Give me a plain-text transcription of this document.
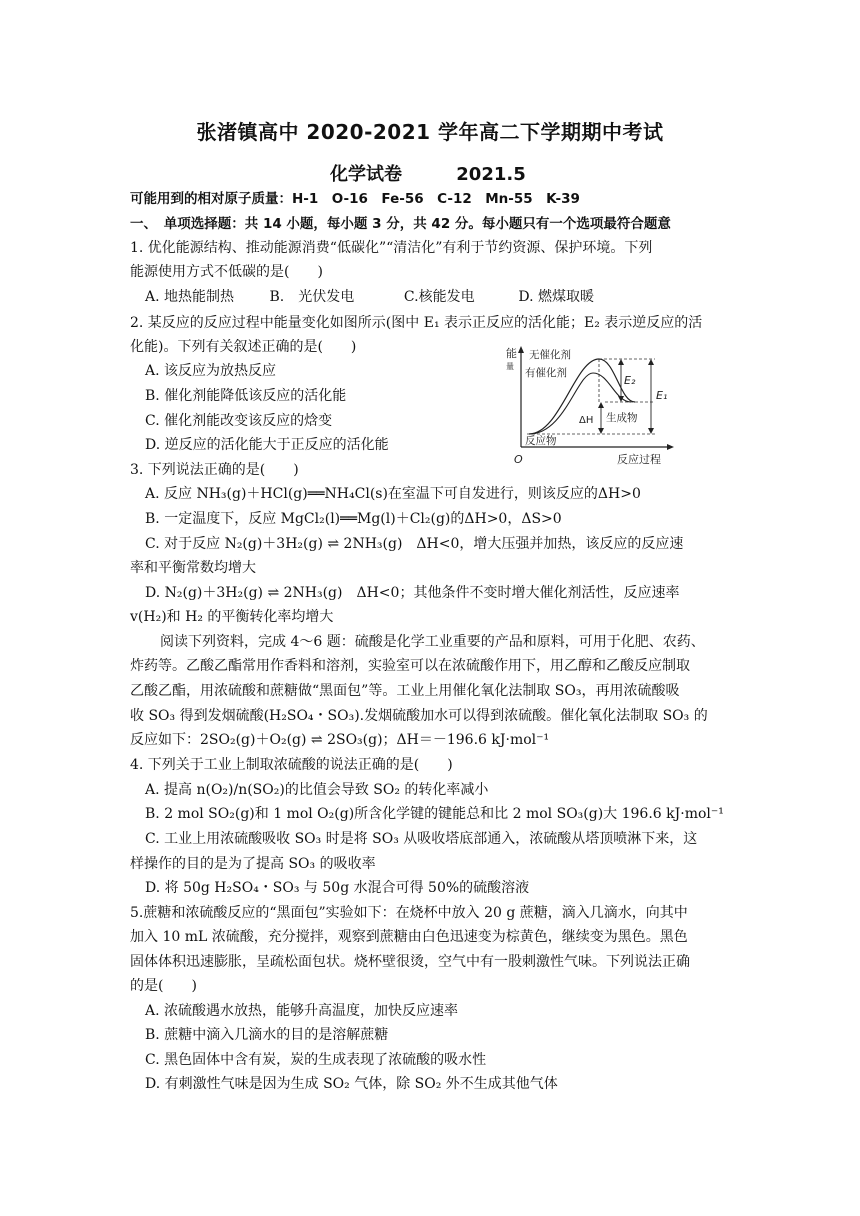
张渚镇高中 2020-2021 学年高二下学期期中考试
化学试卷	2021.5
可能用到的相对原子质量：H-1　O-16　Fe-56　C-12　Mn-55　K-39
一、　单项选择题：共 14 小题，每小题 3 分，共 42 分。每小题只有一个选项最符合题意
1. 优化能源结构、推动能源消费“低碳化”“清洁化”有利于节约资源、保护环境。下列
能源使用方式不低碳的是(　　)
A. 地热能制热	B.　光伏发电	C.核能发电	D. 燃煤取暖
2. 某反应的反应过程中能量变化如图所示(图中 E₁ 表示正反应的活化能；E₂ 表示逆反应的活
化能)。下列有关叙述正确的是(　　)
A. 该反应为放热反应
B. 催化剂能降低该反应的活化能
C. 催化剂能改变该反应的焓变
D. 逆反应的活化能大于正反应的活化能
能
量
O	反应过程
无催化剂
有催化剂
E₂
E₁
ΔH 生成物
反应物
3. 下列说法正确的是(　　)
A. 反应 NH₃(g)＋HCl(g)══NH₄Cl(s)在室温下可自发进行，则该反应的ΔH>0
B. 一定温度下，反应 MgCl₂(l)══Mg(l)＋Cl₂(g)的ΔH>0，ΔS>0
C. 对于反应 N₂(g)＋3H₂(g) ⇌ 2NH₃(g)　ΔH<0，增大压强并加热，该反应的反应速
率和平衡常数均增大
D. N₂(g)＋3H₂(g) ⇌ 2NH₃(g)　ΔH<0；其他条件不变时增大催化剂活性，反应速率
v(H₂)和 H₂ 的平衡转化率均增大
阅读下列资料，完成 4～6 题：硫酸是化学工业重要的产品和原料，可用于化肥、农药、
炸药等。乙酸乙酯常用作香料和溶剂，实验室可以在浓硫酸作用下，用乙醇和乙酸反应制取
乙酸乙酯，用浓硫酸和蔗糖做“黑面包”等。工业上用催化氧化法制取 SO₃，再用浓硫酸吸
收 SO₃ 得到发烟硫酸(H₂SO₄・SO₃).发烟硫酸加水可以得到浓硫酸。催化氧化法制取 SO₃ 的
反应如下：2SO₂(g)＋O₂(g) ⇌ 2SO₃(g)；ΔH＝－196.6 kJ·mol⁻¹
4. 下列关于工业上制取浓硫酸的说法正确的是(　　)
A. 提高 n(O₂)/n(SO₂)的比值会导致 SO₂ 的转化率减小
B. 2 mol SO₂(g)和 1 mol O₂(g)所含化学键的键能总和比 2 mol SO₃(g)大 196.6 kJ·mol⁻¹
C. 工业上用浓硫酸吸收 SO₃ 时是将 SO₃ 从吸收塔底部通入，浓硫酸从塔顶喷淋下来，这
样操作的目的是为了提高 SO₃ 的吸收率
D. 将 50g H₂SO₄・SO₃ 与 50g 水混合可得 50%的硫酸溶液
5.蔗糖和浓硫酸反应的“黑面包”实验如下：在烧杯中放入 20 g 蔗糖，滴入几滴水，向其中
加入 10 mL 浓硫酸，充分搅拌，观察到蔗糖由白色迅速变为棕黄色，继续变为黑色。黑色
固体体积迅速膨胀，呈疏松面包状。烧杯壁很烫，空气中有一股刺激性气味。下列说法正确
的是(　　)
A. 浓硫酸遇水放热，能够升高温度，加快反应速率
B. 蔗糖中滴入几滴水的目的是溶解蔗糖
C. 黑色固体中含有炭，炭的生成表现了浓硫酸的吸水性
D. 有刺激性气味是因为生成 SO₂ 气体，除 SO₂ 外不生成其他气体
